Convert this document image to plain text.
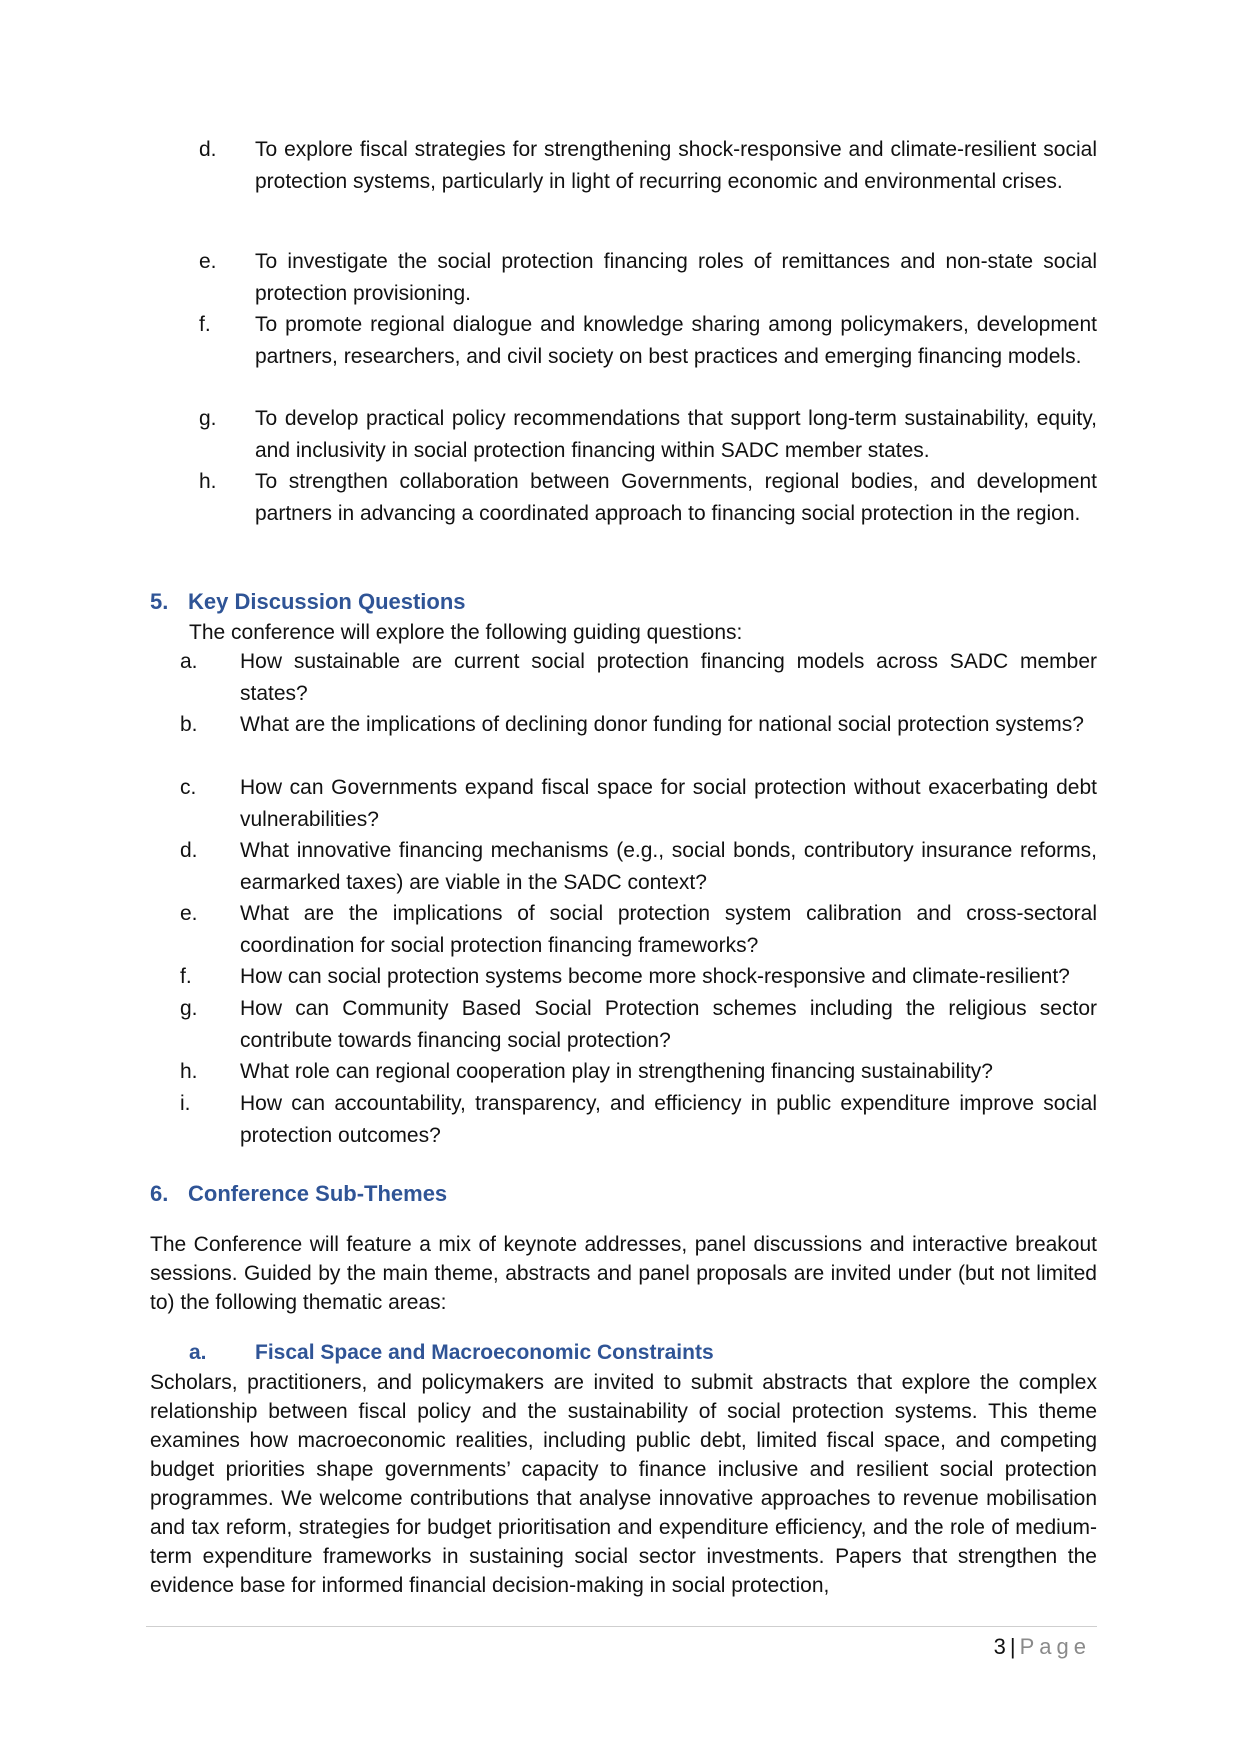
d. To explore fiscal strategies for strengthening shock-responsive and climate-resilient social protection systems, particularly in light of recurring economic and environmental crises.
e. To investigate the social protection financing roles of remittances and non-state social protection provisioning.
f. To promote regional dialogue and knowledge sharing among policymakers, development partners, researchers, and civil society on best practices and emerging financing models.
g. To develop practical policy recommendations that support long-term sustainability, equity, and inclusivity in social protection financing within SADC member states.
h. To strengthen collaboration between Governments, regional bodies, and development partners in advancing a coordinated approach to financing social protection in the region.
5. Key Discussion Questions
The conference will explore the following guiding questions:
a. How sustainable are current social protection financing models across SADC member states?
b. What are the implications of declining donor funding for national social protection systems?
c. How can Governments expand fiscal space for social protection without exacerbating debt vulnerabilities?
d. What innovative financing mechanisms (e.g., social bonds, contributory insurance reforms, earmarked taxes) are viable in the SADC context?
e. What are the implications of social protection system calibration and cross-sectoral coordination for social protection financing frameworks?
f. How can social protection systems become more shock-responsive and climate-resilient?
g. How can Community Based Social Protection schemes including the religious sector contribute towards financing social protection?
h. What role can regional cooperation play in strengthening financing sustainability?
i. How can accountability, transparency, and efficiency in public expenditure improve social protection outcomes?
6. Conference Sub-Themes
The Conference will feature a mix of keynote addresses, panel discussions and interactive breakout sessions. Guided by the main theme, abstracts and panel proposals are invited under (but not limited to) the following thematic areas:
a. Fiscal Space and Macroeconomic Constraints
Scholars, practitioners, and policymakers are invited to submit abstracts that explore the complex relationship between fiscal policy and the sustainability of social protection systems. This theme examines how macroeconomic realities, including public debt, limited fiscal space, and competing budget priorities shape governments’ capacity to finance inclusive and resilient social protection programmes. We welcome contributions that analyse innovative approaches to revenue mobilisation and tax reform, strategies for budget prioritisation and expenditure efficiency, and the role of medium-term expenditure frameworks in sustaining social sector investments. Papers that strengthen the evidence base for informed financial decision-making in social protection,
3 | Page
